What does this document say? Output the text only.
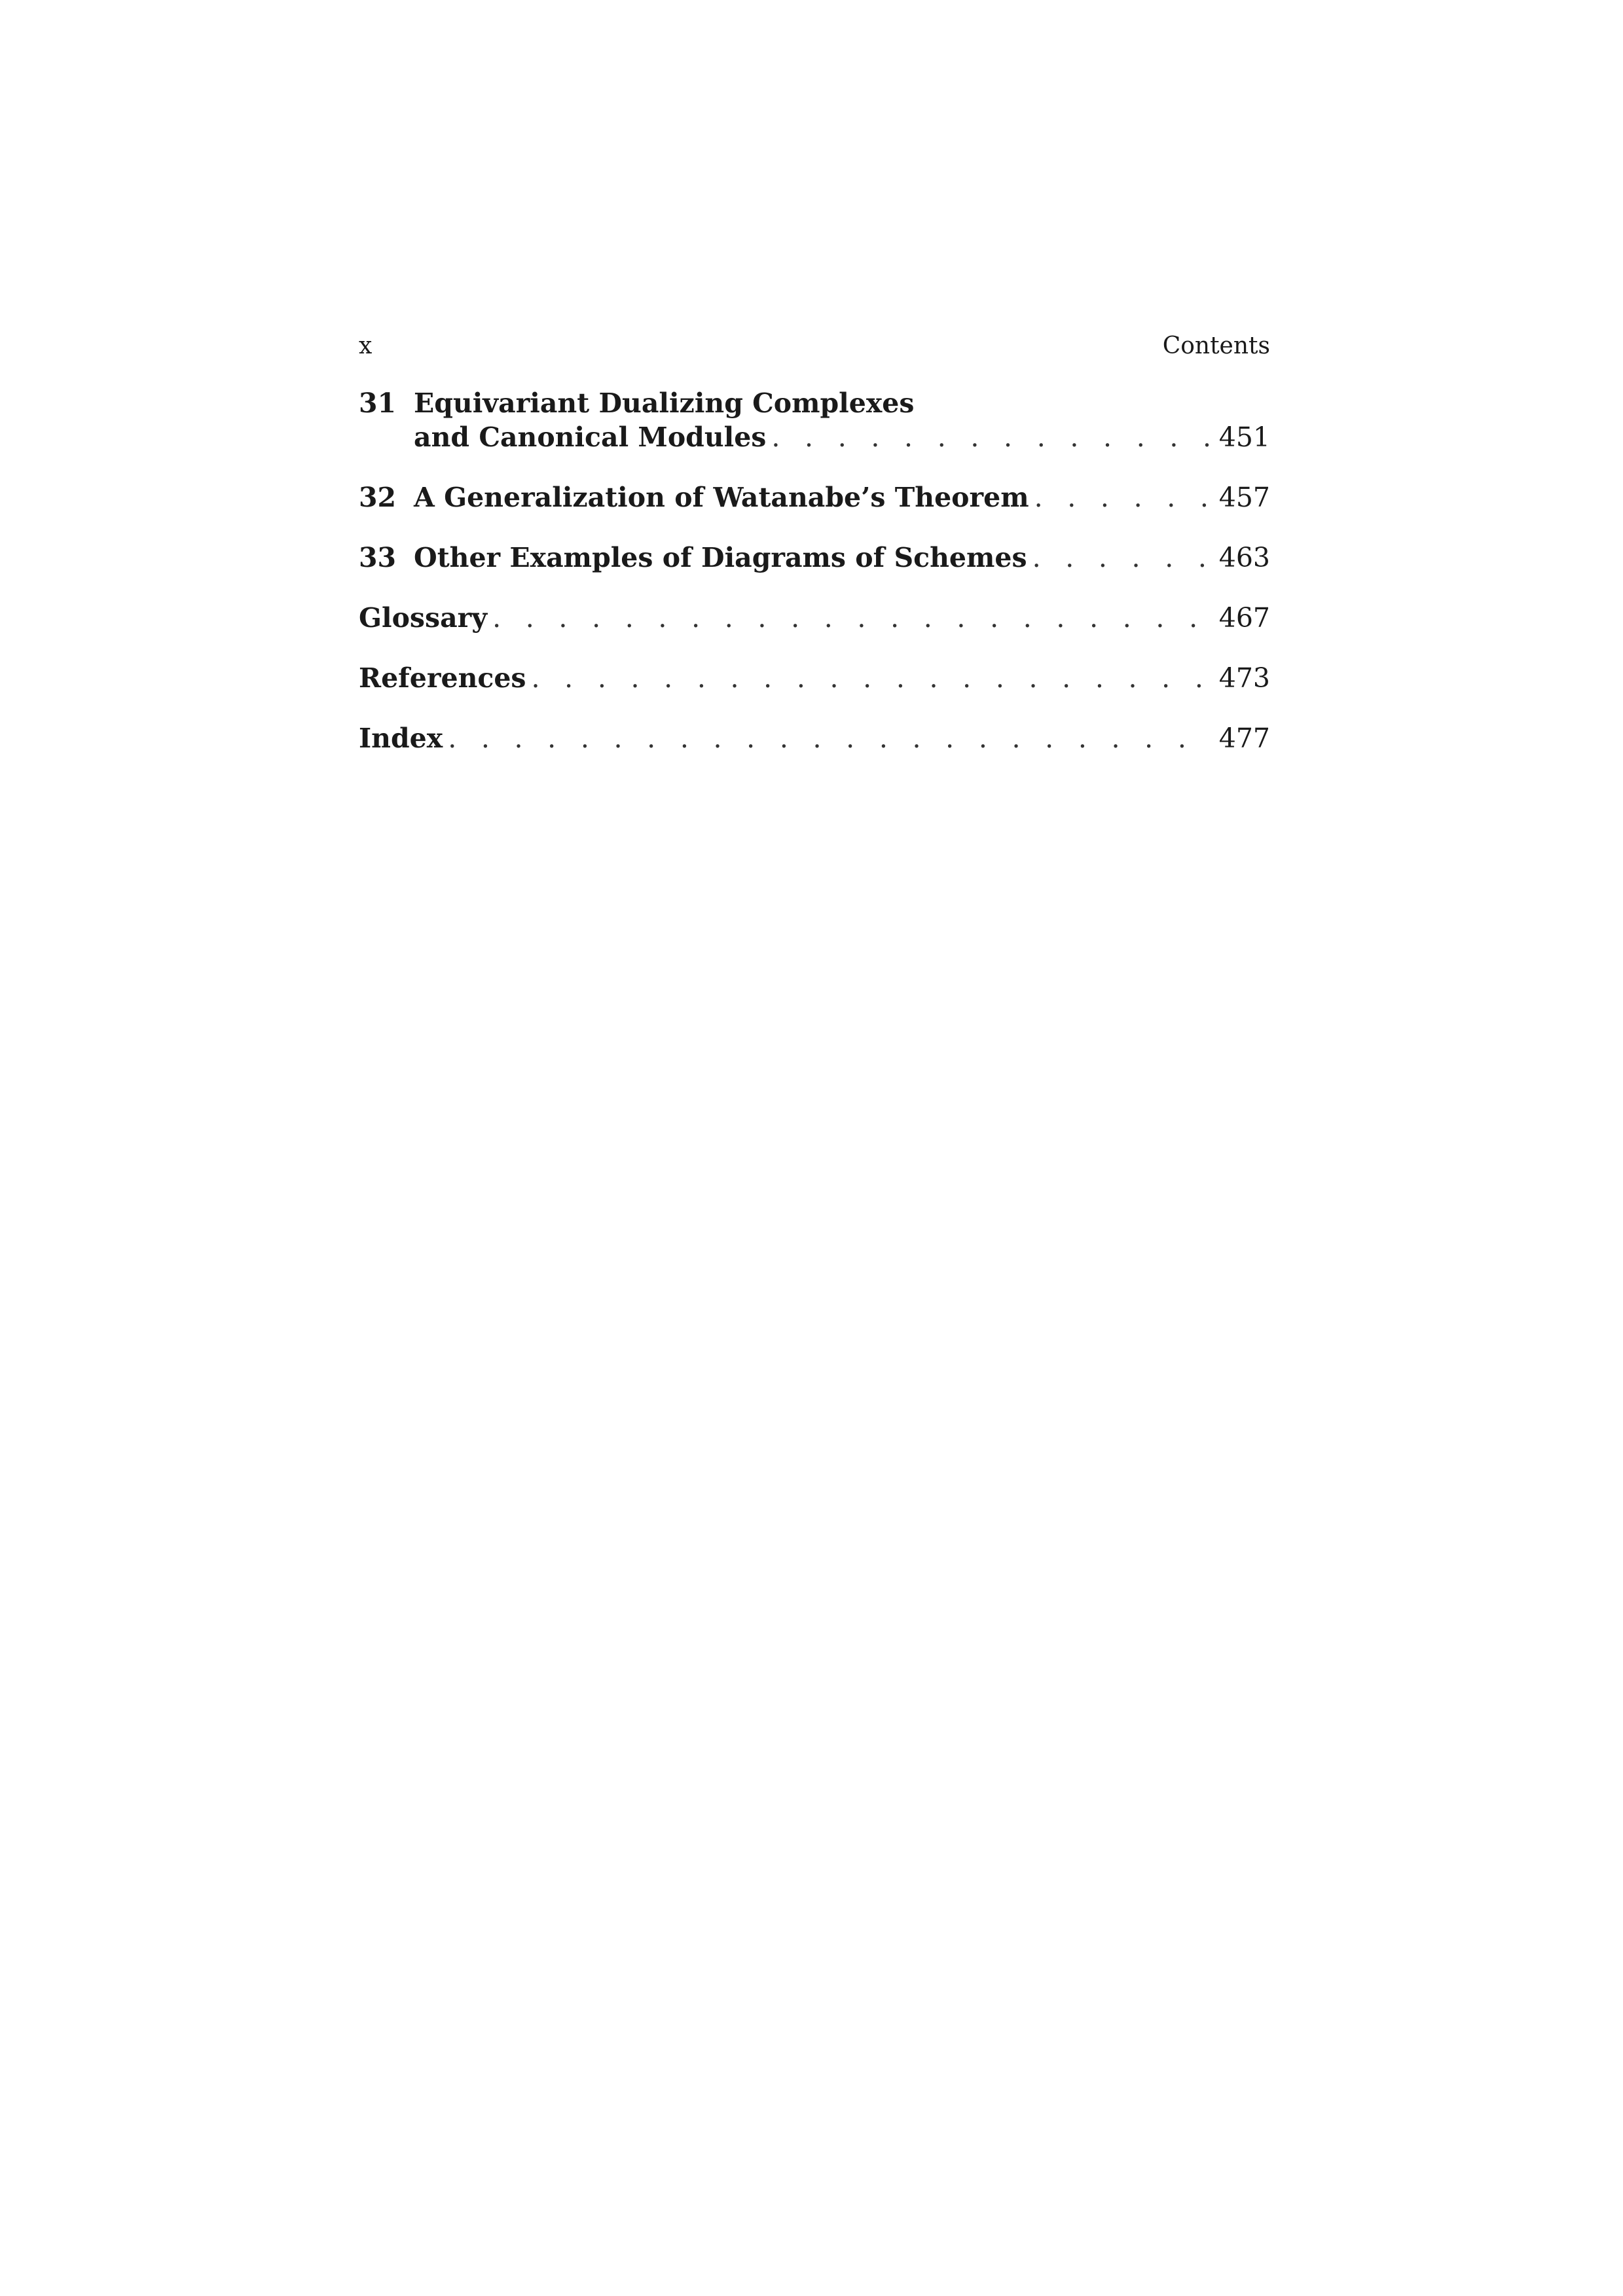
x	Contents
31 Equivariant Dualizing Complexes
and Canonical Modules . . .	451
32 A Generalization of Watanabe’s Theorem . . .	457
33 Other Examples of Diagrams of Schemes . . .	463
Glossary . . .	467
References . . .	473
Index . . .	477
